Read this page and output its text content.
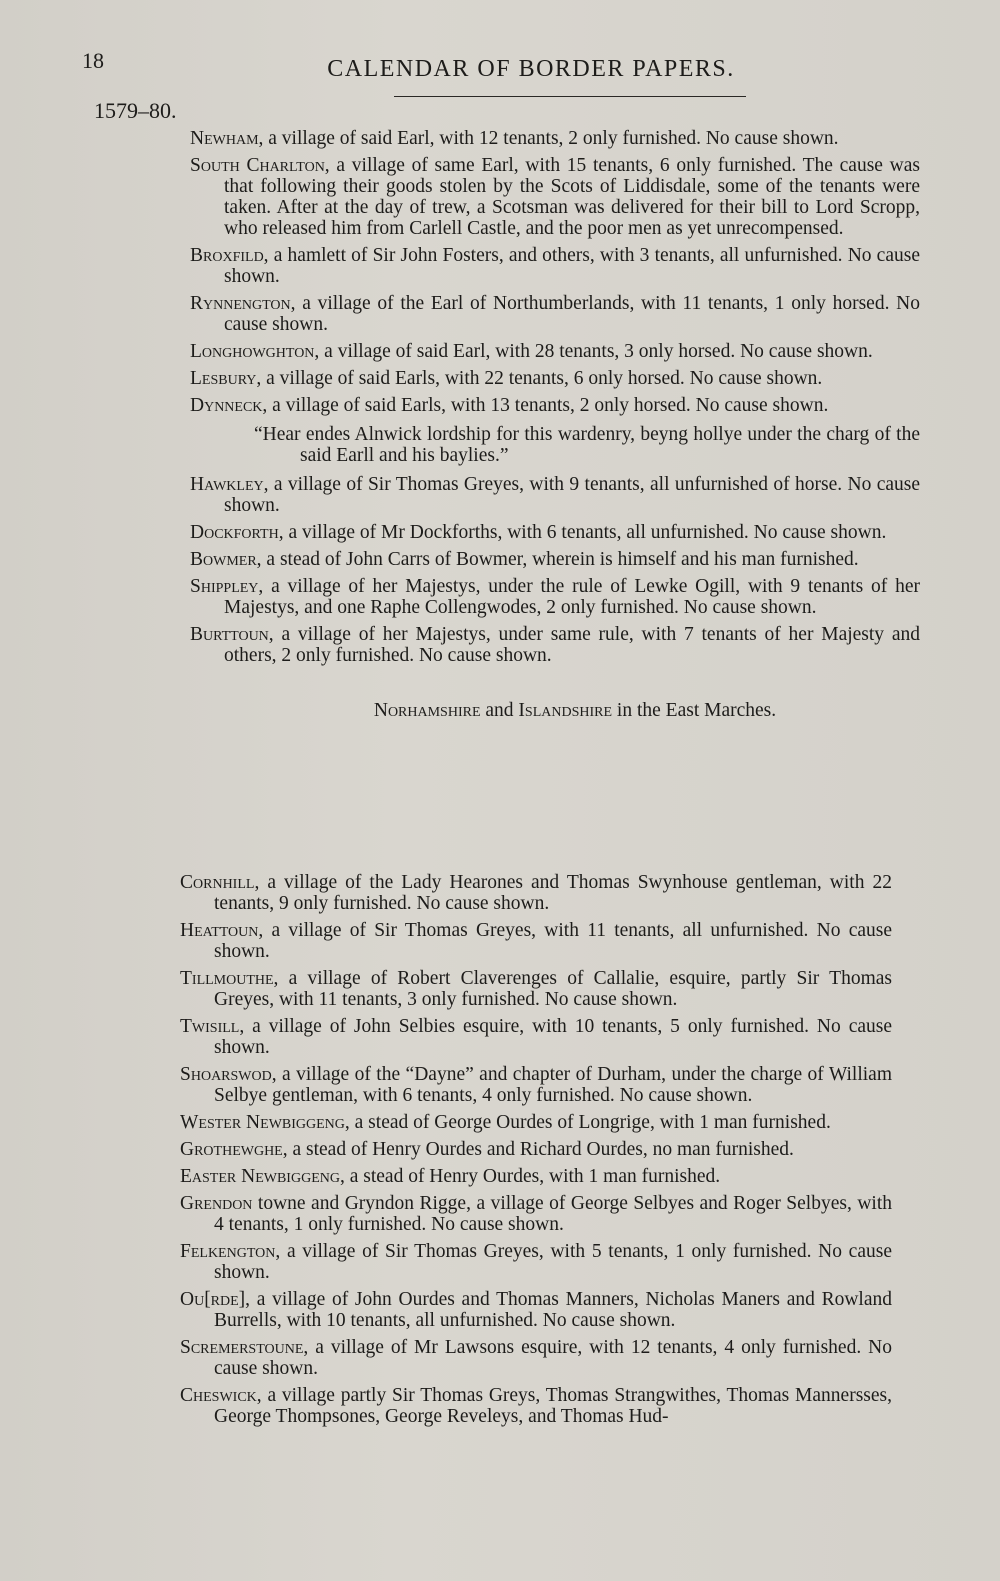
18	CALENDAR OF BORDER PAPERS.
1579–80.

Newham, a village of said Earl, with 12 tenants, 2 only furnished. No cause shown.

South Charlton, a village of same Earl, with 15 tenants, 6 only furnished. The cause was that following their goods stolen by the Scots of Liddisdale, some of the tenants were taken. After at the day of trew, a Scotsman was delivered for their bill to Lord Scropp, who released him from Carlell Castle, and the poor men as yet unrecompensed.

Broxfild, a hamlett of Sir John Fosters, and others, with 3 tenants, all unfurnished. No cause shown.

Rynnengton, a village of the Earl of Northumberlands, with 11 tenants, 1 only horsed. No cause shown.

Longhowghton, a village of said Earl, with 28 tenants, 3 only horsed. No cause shown.

Lesbury, a village of said Earls, with 22 tenants, 6 only horsed. No cause shown.

Dynneck, a village of said Earls, with 13 tenants, 2 only horsed. No cause shown.

“Hear endes Alnwick lordship for this wardenry, beyng hollye under the charg of the said Earll and his baylies.”

Hawkley, a village of Sir Thomas Greyes, with 9 tenants, all unfurnished of horse. No cause shown.

Dockforth, a village of Mr Dockforths, with 6 tenants, all unfurnished. No cause shown.

Bowmer, a stead of John Carrs of Bowmer, wherein is himself and his man furnished.

Shippley, a village of her Majestys, under the rule of Lewke Ogill, with 9 tenants of her Majestys, and one Raphe Collengwodes, 2 only furnished. No cause shown.

Burttoun, a village of her Majestys, under same rule, with 7 tenants of her Majesty and others, 2 only furnished. No cause shown.

Norhamshire and Islandshire in the East Marches.

Cornhill, a village of the Lady Hearones and Thomas Swynhouse gentleman, with 22 tenants, 9 only furnished. No cause shown.

Heattoun, a village of Sir Thomas Greyes, with 11 tenants, all unfurnished. No cause shown.

Tillmouthe, a village of Robert Claverenges of Callalie, esquire, partly Sir Thomas Greyes, with 11 tenants, 3 only furnished. No cause shown.

Twisill, a village of John Selbies esquire, with 10 tenants, 5 only furnished. No cause shown.

Shoarswod, a village of the “Dayne” and chapter of Durham, under the charge of William Selbye gentleman, with 6 tenants, 4 only furnished. No cause shown.

Wester Newbiggeng, a stead of George Ourdes of Longrige, with 1 man furnished.

Grothewghe, a stead of Henry Ourdes and Richard Ourdes, no man furnished.

Easter Newbiggeng, a stead of Henry Ourdes, with 1 man furnished.

Grendon towne and Gryndon Rigge, a village of George Selbyes and Roger Selbyes, with 4 tenants, 1 only furnished. No cause shown.

Felkengton, a village of Sir Thomas Greyes, with 5 tenants, 1 only furnished. No cause shown.

Ou[rde], a village of John Ourdes and Thomas Manners, Nicholas Maners and Rowland Burrells, with 10 tenants, all unfurnished. No cause shown.

Scremerstoune, a village of Mr Lawsons esquire, with 12 tenants, 4 only furnished. No cause shown.

Cheswick, a village partly Sir Thomas Greys, Thomas Strangwithes, Thomas Mannersses, George Thompsones, George Reveleys, and Thomas Hud-
